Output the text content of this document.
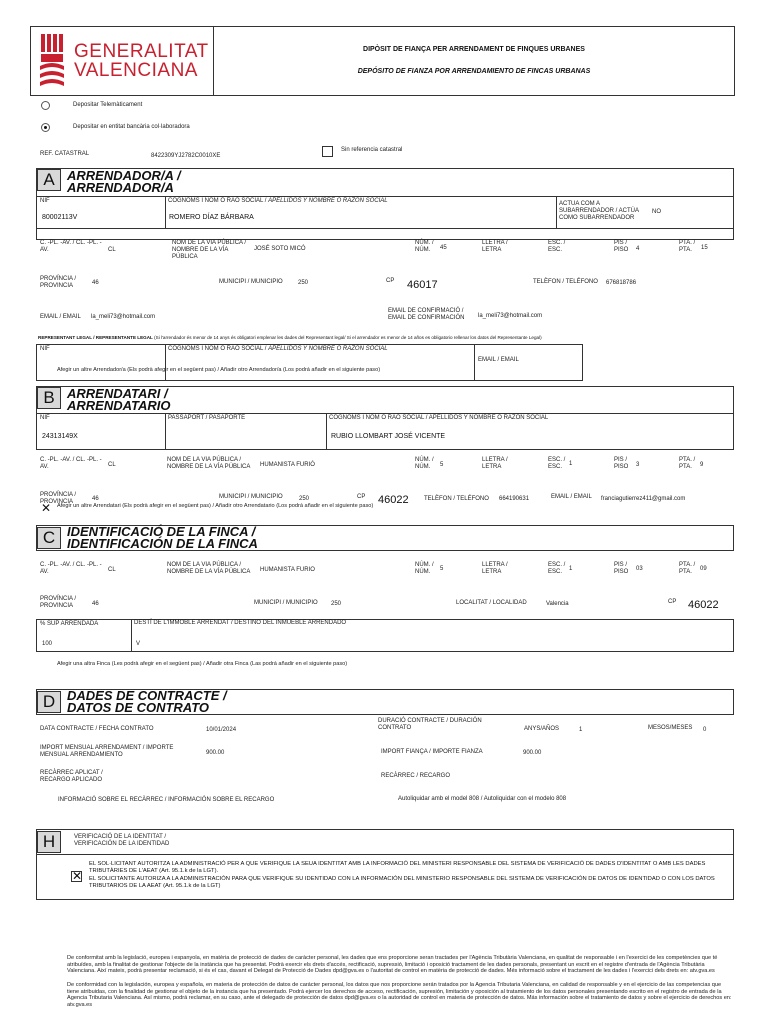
GENERALITAT
VALENCIANA
DIPÒSIT DE FIANÇA PER ARRENDAMENT DE FINQUES URBANES
DEPÓSITO DE FIANZA POR ARRENDAMIENTO DE FINCAS URBANAS
Depositar Telemàticament
Depositar en entitat bancària col·laboradora
REF. CATASTRAL	8422309YJ2782C0010XE
Sin referencia catastral
A ARRENDADOR/A /
ARRENDADOR/A
NIF
80002113V
COGNOMS I NOM O RAÓ SOCIAL / APELLIDOS Y NOMBRE O RAZÓN SOCIAL
ROMERO DÍAZ BÁRBARA
ACTUA COM A SUBARRENDADOR / ACTÚA COMO SUBARRENDADOR
NO
C. -PL. -AV. / CL. -PL. -AV.	CL
NOM DE LA VIA PÚBLICA / NOMBRE DE LA VÍA PÚBLICA
JOSÉ SOTO MICÓ
NÚM. / NÚM.	45
LLETRA / LETRA
ESC. / ESC.
PIS / PISO	4
PTA. / PTA.	15
PROVÍNCIA / PROVINCIA	46	MUNICIPI / MUNICIPIO	250	CP 46017	TELÈFON / TELÉFONO 676818786
EMAIL / EMAIL la_meli73@hotmail.com
EMAIL DE CONFIRMACIÓ / EMAIL DE CONFIRMACIÓN	la_meli73@hotmail.com
REPRESENTANT LEGAL / REPRESENTANTE LEGAL (Si l'arrendador és menor de 14 anys és obligatori emplenar les dades del Representant legal/ Si el arrendador es menor de 14 años es obligatorio rellenar los datos del Representante Legal)
NIF	COGNOMS I NOM O RAÓ SOCIAL / APELLIDOS Y NOMBRE O RAZÓN SOCIAL
EMAIL / EMAIL
Afegir un altre Arrendador/a (Els podrà afegir en el següent pas) / Añadir otro Arrendador/a (Los podrá añadir en el siguiente paso)
B ARRENDATARI /
ARRENDATARIO
NIF
24313149X
PASSAPORT / PASAPORTE	COGNOMS I NOM O RAÓ SOCIAL / APELLIDOS Y NOMBRE O RAZÓN SOCIAL
RUBIO LLOMBART JOSÉ VICENTE
C. -PL. -AV. / CL. -PL. -AV.	CL
NOM DE LA VIA PÚBLICA / NOMBRE DE LA VÍA PÚBLICA	HUMANISTA FURIÓ
NÚM. / NÚM.	5
LLETRA / LETRA
ESC. / ESC.	1
PIS / PISO	3
PTA. / PTA.	9
PROVÍNCIA / PROVINCIA	46	MUNICIPI / MUNICIPIO	250	CP 46022	TELÈFON / TELÉFONO 664190631	EMAIL / EMAIL franciagutierrez411@gmail.com
✕ Afegir un altre Arrendatari (Els podrà afegir en el següent pas) / Añadir otro Arrendatario (Los podrá añadir en el siguiente paso)
C IDENTIFICACIÓ DE LA FINCA /
IDENTIFICACIÓN DE LA FINCA
C. -PL. -AV. / CL. -PL. -AV.	CL
NOM DE LA VIA PÚBLICA / NOMBRE DE LA VÍA PÚBLICA	HUMANISTA FURIO
NÚM. / NÚM.	5
LLETRA / LETRA
ESC. / ESC.	1
PIS / PISO	03
PTA. / PTA.	09
PROVÍNCIA / PROVINCIA	46	MUNICIPI / MUNICIPIO 250	LOCALITAT / LOCALIDAD	Valencia	CP 46022
% SUP ARRENDADA
100
DESTÍ DE L'IMMOBLE ARRENDAT / DESTINO DEL INMUEBLE ARRENDADO
V
Afegir una altra Finca (Les podrà afegir en el següent pas) / Añadir otra Finca (Las podrá añadir en el siguiente paso)
D DADES DE CONTRACTE /
DATOS DE CONTRATO
DATA CONTRACTE / FECHA CONTRATO	10/01/2024
DURACIÓ CONTRACTE / DURACIÓN CONTRATO	ANYS/AÑOS	1	MESOS/MESES 0
IMPORT MENSUAL ARRENDAMENT / IMPORTE MENSUAL ARRENDAMIENTO	900.00	IMPORT FIANÇA / IMPORTE FIANZA	900.00
RECÀRREC APLICAT / RECARGO APLICADO
RECÀRREC / RECARGO
INFORMACIÓ SOBRE EL RECÀRREC / INFORMACIÓN SOBRE EL RECARGO	Autoliquidar amb el model 808 / Autoliquidar con el modelo 808
H	VERIFICACIÓ DE LA IDENTITAT / VERIFICACIÓN DE LA IDENTIDAD
✕
EL SOL·LICITANT AUTORITZA LA ADMINISTRACIÓ PER A QUE VERIFIQUE LA SEUA IDENTITAT AMB LA INFORMACIÓ DEL MINISTERI RESPONSABLE DEL SISTEMA DE VERIFICACIÓ DE DADES D'IDENTITAT O AMB LES DADES TRIBUTÀRIES DE L'AEAT (Art. 95.1.k de la LGT).
EL SOLICITANTE AUTORIZA A LA ADMINISTRACIÓN PARA QUE VERIFIQUE SU IDENTIDAD CON LA INFORMACIÓN DEL MINISTERIO RESPONSABLE DEL SISTEMA DE VERIFICACIÓN DE DATOS DE IDENTIDAD O CON LOS DATOS TRIBUTARIOS DE LA AEAT (Art. 95.1.k de la LGT)
De conformitat amb la legislació, europea i espanyola, en matèria de protecció de dades de caràcter personal, les dades que ens proporcione seran tractades per l'Agència Tributària Valenciana, en qualitat de responsable i en l'exercici de les competències que té atribuïdes, amb la finalitat de gestionar l'objecte de la instància que ha presentat. Podrà exercir els drets d'accés, rectificació, supressió, limitació i oposició tractament de les dades personals, presentant un escrit en el registre d'entrada de l'Agència Tributària Valenciana. Així mateix, podrà presentar reclamació, si és el cas, davant el Delegat de Protecció de Dades dpd@gva.es o l'autoritat de control en matèria de protecció de dades. Més informació sobre el tractament de les dades i l'exercici dels drets en: atv.gva.es
De conformidad con la legislación, europea y española, en materia de protección de datos de carácter personal, los datos que nos proporcione serán tratados por la Agencia Tributaria Valenciana, en calidad de responsable y en el ejercicio de las competencias que tiene atribuidas, con la finalidad de gestionar el objeto de la instancia que ha presentado. Podrá ejercer los derechos de acceso, rectificación, supresión, limitación y oposición al tratamiento de los datos personales presentando escrito en el registro de entrada de la Agencia Tributaria Valenciana. Así mismo, podrá reclamar, en su caso, ante el delegado de protección de datos dpd@gva.es o la autoridad de control en materia de protección de datos. Más información sobre el tratamiento de datos y sobre el ejercicio de derechos en: atv.gva.es
